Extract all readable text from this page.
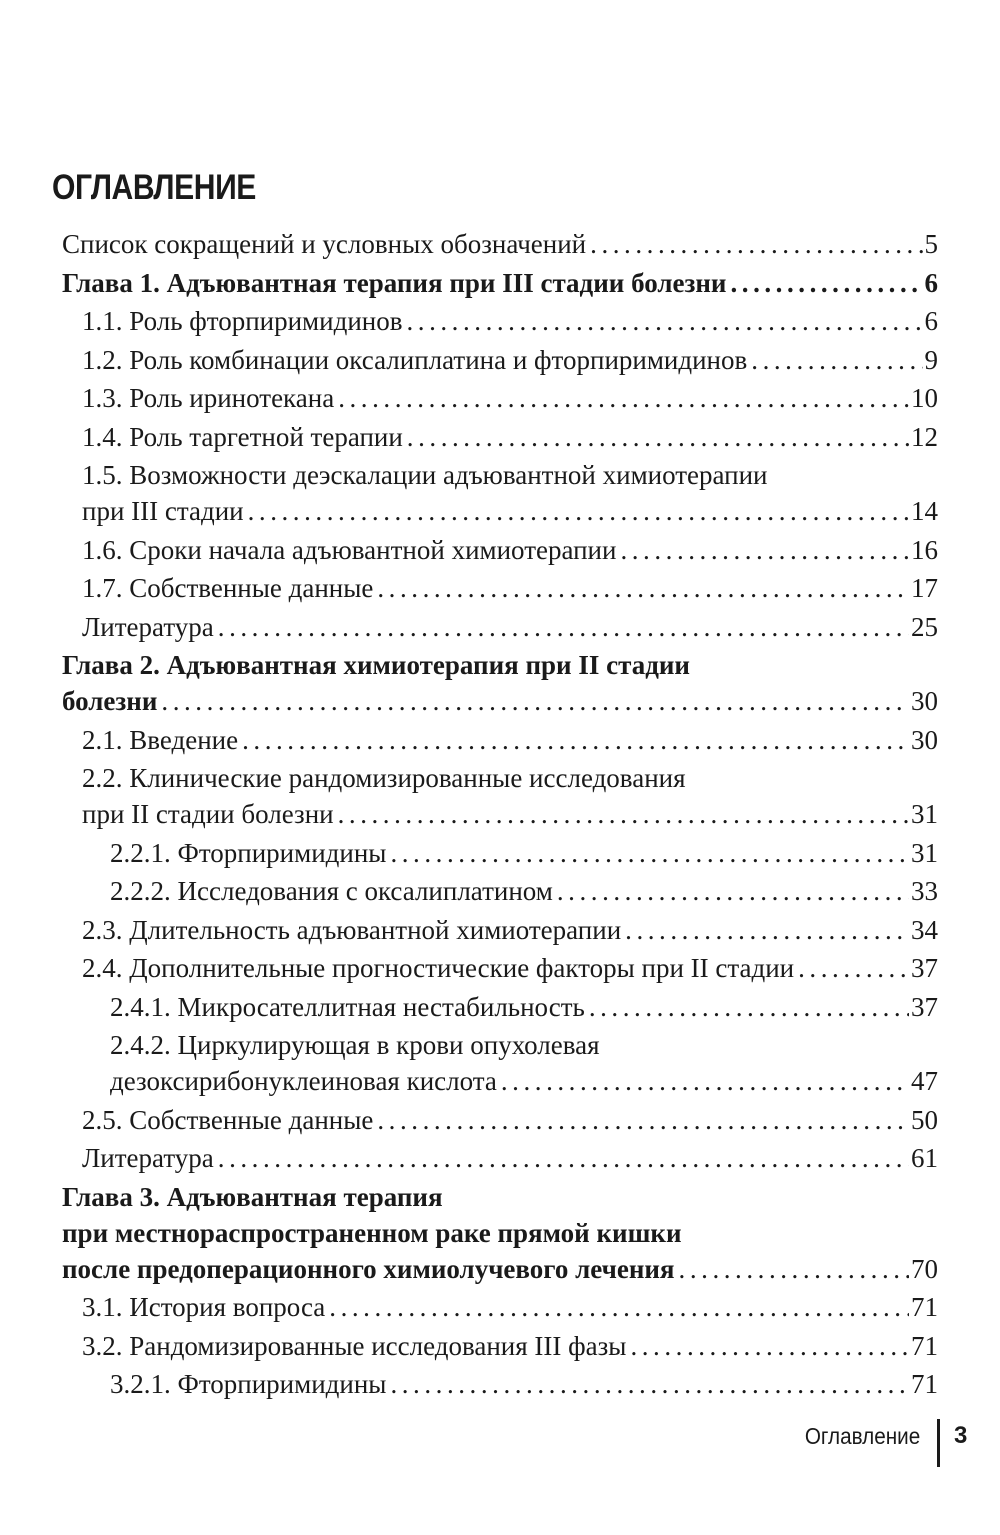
ОГЛАВЛЕНИЕ
Список сокращений и условных обозначений . . .	5
Глава 1. Адъювантная терапия при III стадии болезни . . .	6
1.1. Роль фторпиримидинов . . .	6
1.2. Роль комбинации оксалиплатина и фторпиримидинов . . .	9
1.3. Роль иринотекана . . .	10
1.4. Роль таргетной терапии . . .	12
1.5. Возможности деэскалации адъювантной химиотерапии
при III стадии . . .	14
1.6. Сроки начала адъювантной химиотерапии . . .	16
1.7. Собственные данные . . .	17
Литература . . .	25
Глава 2. Адъювантная химиотерапия при II стадии
болезни . . .	30
2.1. Введение . . .	30
2.2. Клинические рандомизированные исследования
при II стадии болезни . . .	31
2.2.1. Фторпиримидины . . .	31
2.2.2. Исследования с оксалиплатином . . .	33
2.3. Длительность адъювантной химиотерапии . . .	34
2.4. Дополнительные прогностические факторы при II стадии . . .	37
2.4.1. Микросателлитная нестабильность . . .	37
2.4.2. Циркулирующая в крови опухолевая
дезоксирибонуклеиновая кислота . . .	47
2.5. Собственные данные . . .	50
Литература . . .	61
Глава 3. Адъювантная терапия
при местнораспространенном раке прямой кишки
после предоперационного химиолучевого лечения . . .	70
3.1. История вопроса . . .	71
3.2. Рандомизированные исследования III фазы . . .	71
3.2.1. Фторпиримидины . . .	71
Оглавление 3
